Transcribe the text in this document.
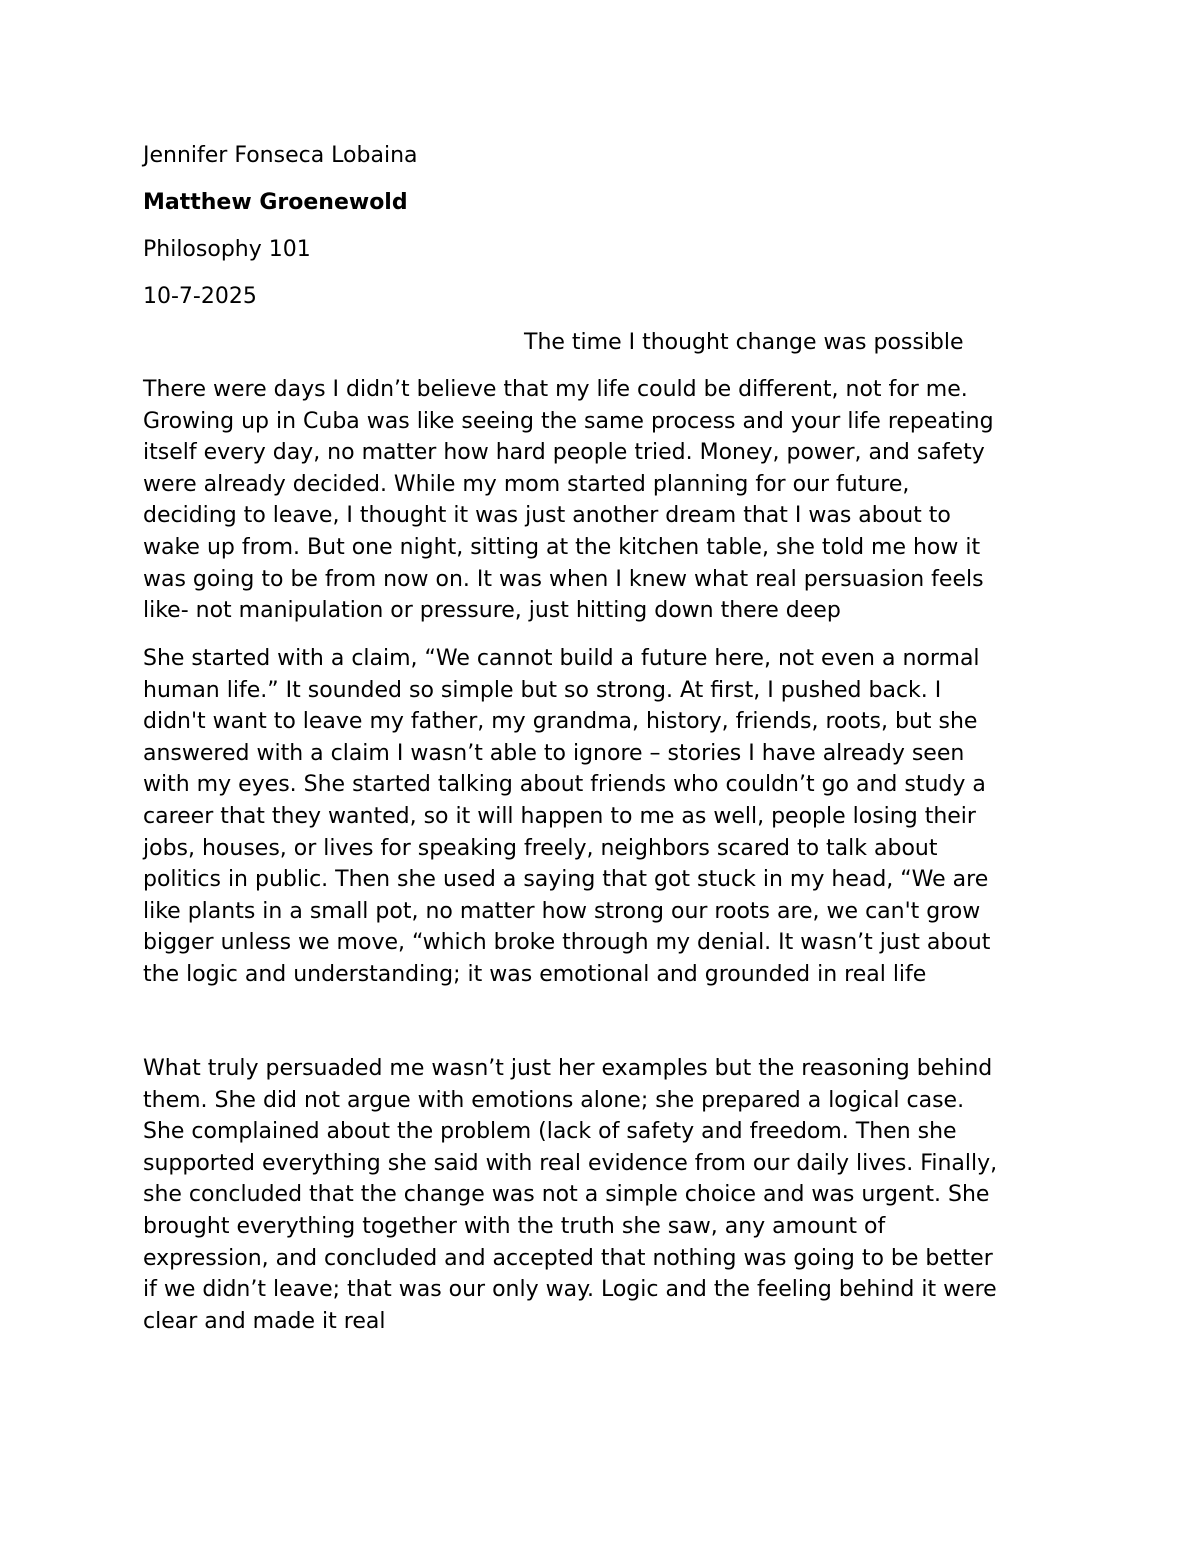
Jennifer Fonseca Lobaina

Matthew Groenewold

Philosophy 101

10-7-2025

The time I thought change was possible

There were days I didn’t believe that my life could be different, not for me.
Growing up in Cuba was like seeing the same process and your life repeating
itself every day, no matter how hard people tried. Money, power, and safety
were already decided. While my mom started planning for our future,
deciding to leave, I thought it was just another dream that I was about to
wake up from. But one night, sitting at the kitchen table, she told me how it
was going to be from now on. It was when I knew what real persuasion feels
like- not manipulation or pressure, just hitting down there deep
She started with a claim, “We cannot build a future here, not even a normal
human life.” It sounded so simple but so strong. At first, I pushed back. I
didn't want to leave my father, my grandma, history, friends, roots, but she
answered with a claim I wasn’t able to ignore – stories I have already seen
with my eyes. She started talking about friends who couldn’t go and study a
career that they wanted, so it will happen to me as well, people losing their
jobs, houses, or lives for speaking freely, neighbors scared to talk about
politics in public. Then she used a saying that got stuck in my head, “We are
like plants in a small pot, no matter how strong our roots are, we can't grow
bigger unless we move, “which broke through my denial. It wasn’t just about
the logic and understanding; it was emotional and grounded in real life
What truly persuaded me wasn’t just her examples but the reasoning behind
them. She did not argue with emotions alone; she prepared a logical case.
She complained about the problem (lack of safety and freedom. Then she
supported everything she said with real evidence from our daily lives. Finally,
she concluded that the change was not a simple choice and was urgent. She
brought everything together with the truth she saw, any amount of
expression, and concluded and accepted that nothing was going to be better
if we didn’t leave; that was our only way. Logic and the feeling behind it were
clear and made it real
